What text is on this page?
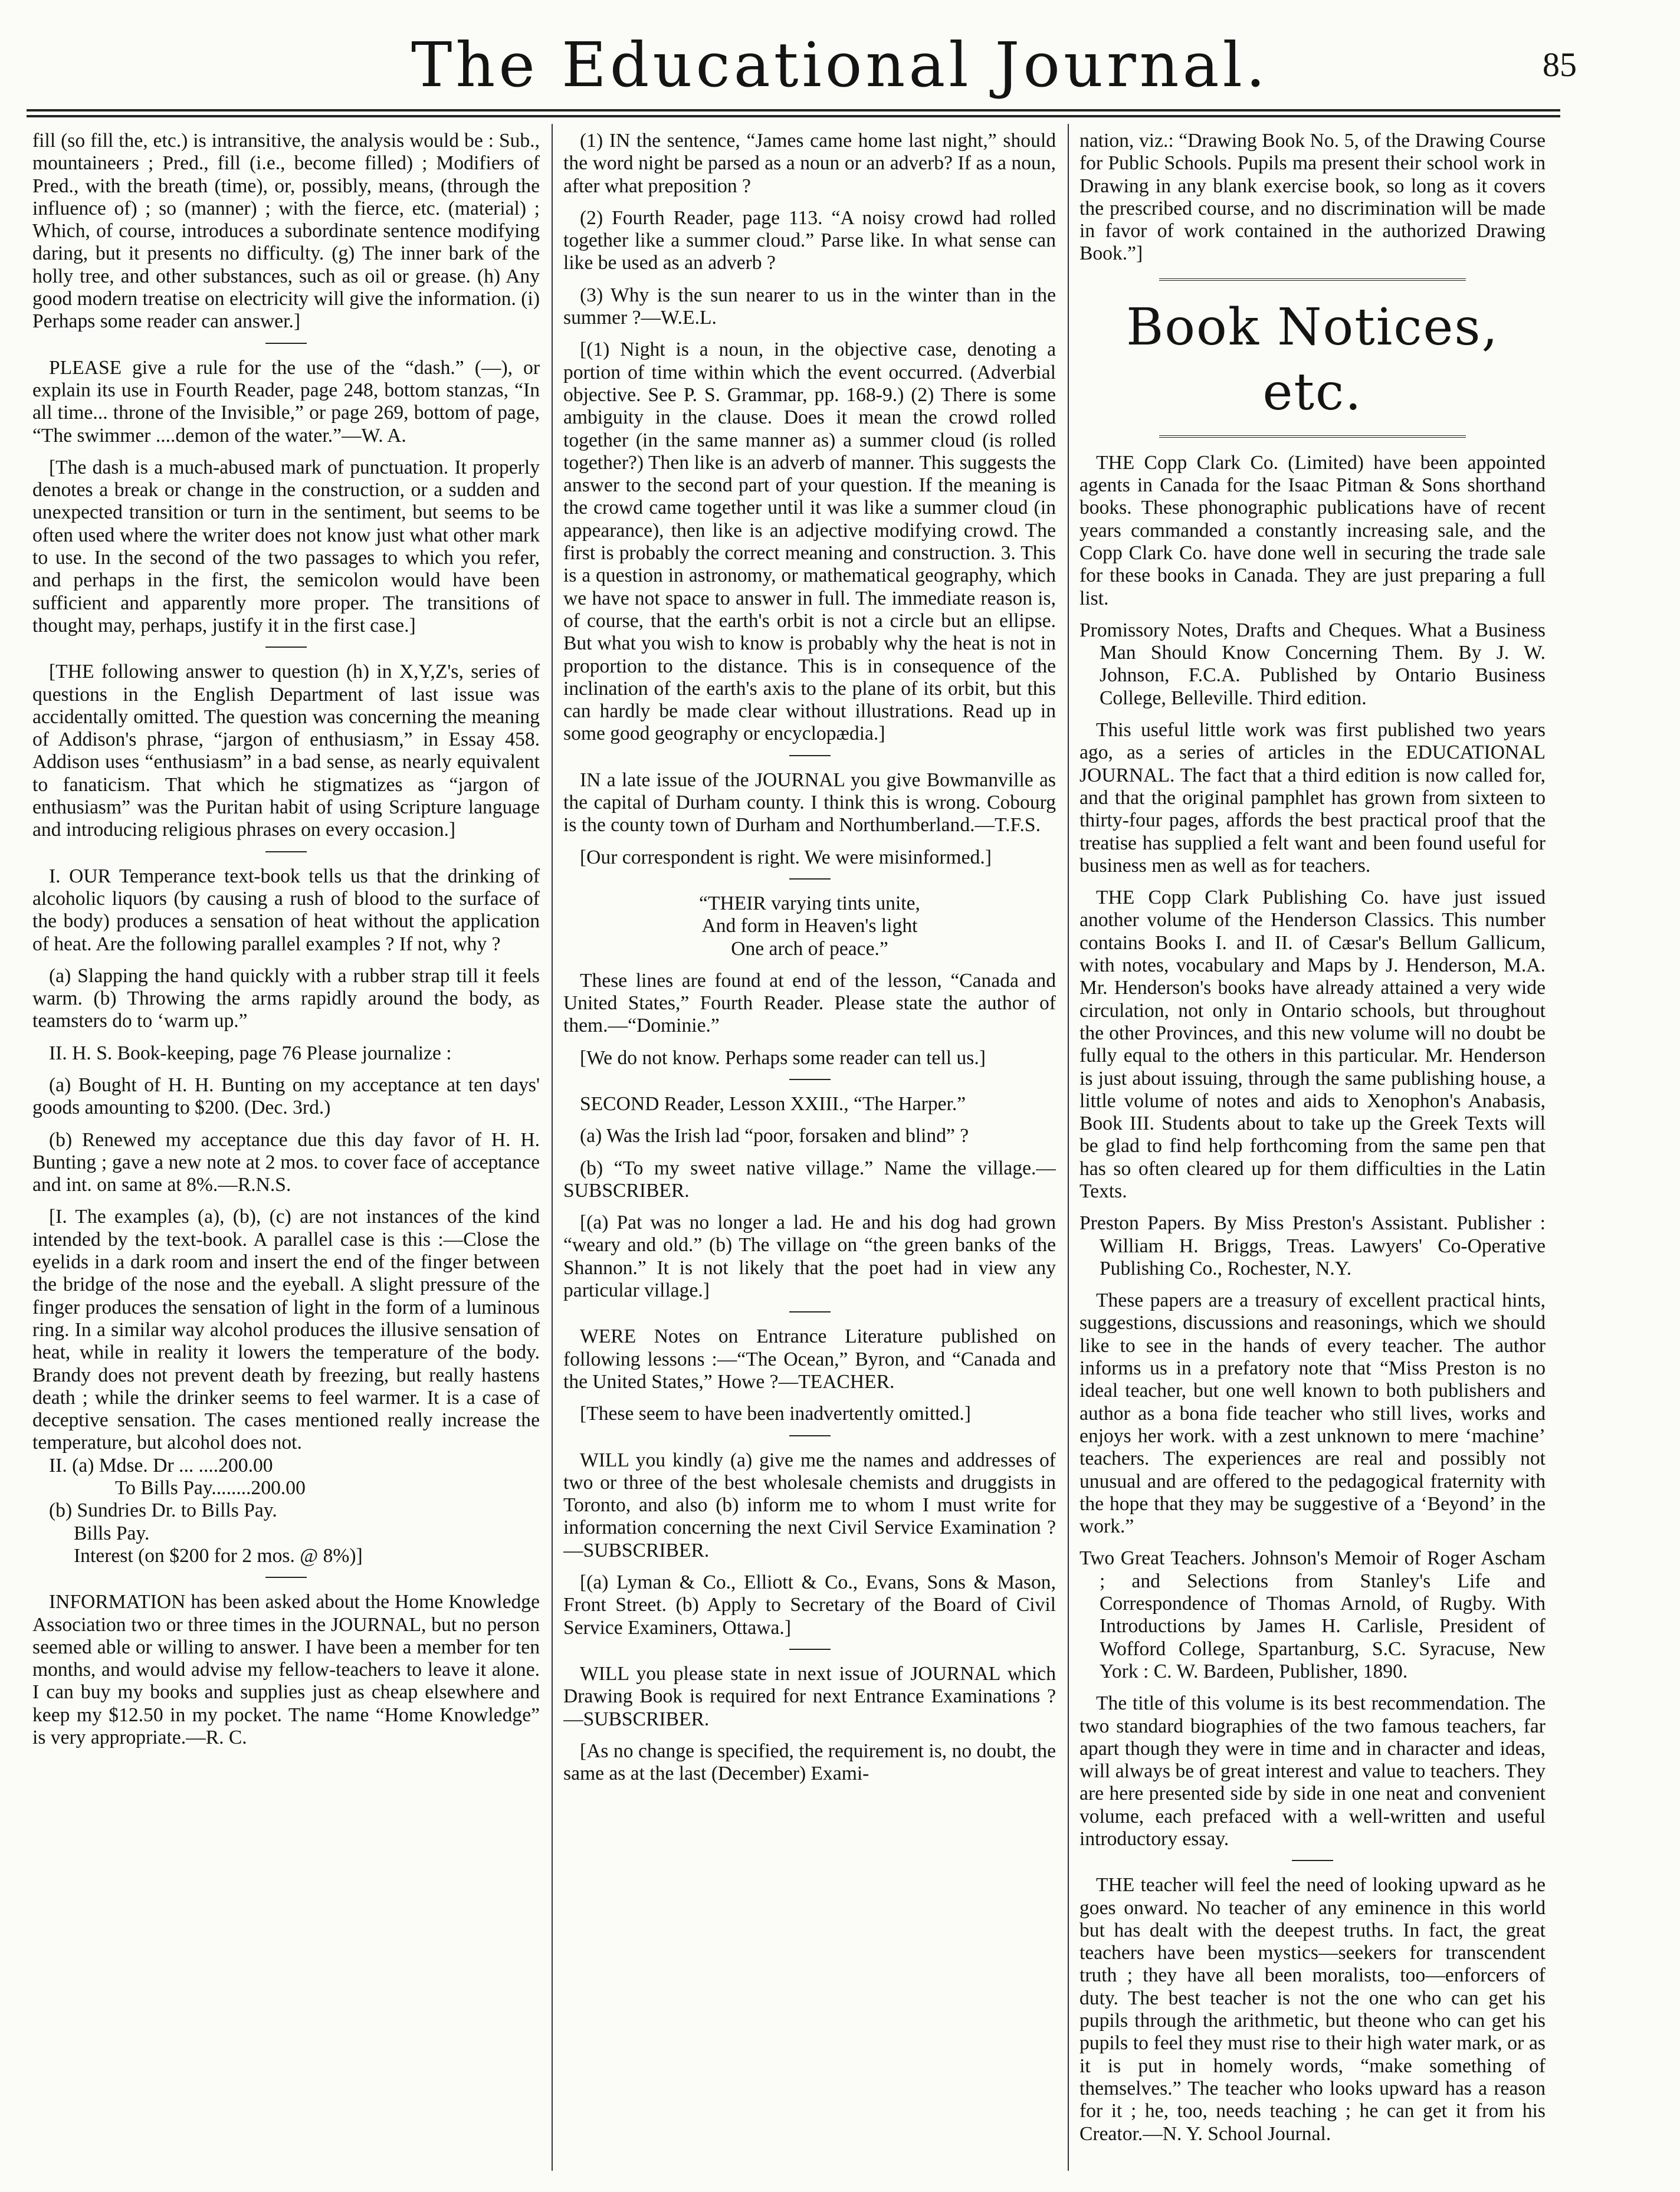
The Educational Journal.	85

fill (so fill the, etc.) is intransitive, the analysis would be : Sub., mountaineers ; Pred., fill (i.e., become filled) ; Modifiers of Pred., with the breath (time), or, possibly, means, (through the influence of) ; so (manner) ; with the fierce, etc. (material) ; Which, of course, introduces a subordinate sentence modifying daring, but it presents no difficulty. (g) The inner bark of the holly tree, and other substances, such as oil or grease. (h) Any good modern treatise on electricity will give the information. (i) Perhaps some reader can answer.]

PLEASE give a rule for the use of the “dash.” (—), or explain its use in Fourth Reader, page 248, bottom stanzas, “In all time... throne of the Invisible,” or page 269, bottom of page, “The swimmer ....demon of the water.”—W. A.

[The dash is a much-abused mark of punctuation. It properly denotes a break or change in the construction, or a sudden and unexpected transition or turn in the sentiment, but seems to be often used where the writer does not know just what other mark to use. In the second of the two passages to which you refer, and perhaps in the first, the semicolon would have been sufficient and apparently more proper. The transitions of thought may, perhaps, justify it in the first case.]

[THE following answer to question (h) in X,Y,Z's, series of questions in the English Department of last issue was accidentally omitted. The question was concerning the meaning of Addison's phrase, “jargon of enthusiasm,” in Essay 458. Addison uses “enthusiasm” in a bad sense, as nearly equivalent to fanaticism. That which he stigmatizes as “jargon of enthusiasm” was the Puritan habit of using Scripture language and introducing religious phrases on every occasion.]

I. OUR Temperance text-book tells us that the drinking of alcoholic liquors (by causing a rush of blood to the surface of the body) produces a sensation of heat without the application of heat. Are the following parallel examples ? If not, why ?

(a) Slapping the hand quickly with a rubber strap till it feels warm. (b) Throwing the arms rapidly around the body, as teamsters do to ‘warm up.”

II. H. S. Book-keeping, page 76 Please journalize :

(a) Bought of H. H. Bunting on my acceptance at ten days' goods amounting to $200. (Dec. 3rd.)

(b) Renewed my acceptance due this day favor of H. H. Bunting ; gave a new note at 2 mos. to cover face of acceptance and int. on same at 8%.—R.N.S.

[I. The examples (a), (b), (c) are not instances of the kind intended by the text-book. A parallel case is this :—Close the eyelids in a dark room and insert the end of the finger between the bridge of the nose and the eyeball. A slight pressure of the finger produces the sensation of light in the form of a luminous ring. In a similar way alcohol produces the illusive sensation of heat, while in reality it lowers the temperature of the body. Brandy does not prevent death by freezing, but really hastens death ; while the drinker seems to feel warmer. It is a case of deceptive sensation. The cases mentioned really increase the temperature, but alcohol does not.

II. (a) Mdse. Dr ... ....200.00

To Bills Pay........200.00

(b) Sundries Dr. to Bills Pay.

Bills Pay.

Interest (on $200 for 2 mos. @ 8%)]

INFORMATION has been asked about the Home Knowledge Association two or three times in the JOURNAL, but no person seemed able or willing to answer. I have been a member for ten months, and would advise my fellow-teachers to leave it alone. I can buy my books and supplies just as cheap elsewhere and keep my $12.50 in my pocket. The name “Home Knowledge” is very appropriate.—R. C.

(1) IN the sentence, “James came home last night,” should the word night be parsed as a noun or an adverb? If as a noun, after what preposition ?

(2) Fourth Reader, page 113. “A noisy crowd had rolled together like a summer cloud.” Parse like. In what sense can like be used as an adverb ?

(3) Why is the sun nearer to us in the winter than in the summer ?—W.E.L.

[(1) Night is a noun, in the objective case, denoting a portion of time within which the event occurred. (Adverbial objective. See P. S. Grammar, pp. 168-9.) (2) There is some ambiguity in the clause. Does it mean the crowd rolled together (in the same manner as) a summer cloud (is rolled together?) Then like is an adverb of manner. This suggests the answer to the second part of your question. If the meaning is the crowd came together until it was like a summer cloud (in appearance), then like is an adjective modifying crowd. The first is probably the correct meaning and construction. 3. This is a question in astronomy, or mathematical geography, which we have not space to answer in full. The immediate reason is, of course, that the earth's orbit is not a circle but an ellipse. But what you wish to know is probably why the heat is not in proportion to the distance. This is in consequence of the inclination of the earth's axis to the plane of its orbit, but this can hardly be made clear without illustrations. Read up in some good geography or encyclopædia.]

IN a late issue of the JOURNAL you give Bowmanville as the capital of Durham county. I think this is wrong. Cobourg is the county town of Durham and Northumberland.—T.F.S.

[Our correspondent is right. We were misinformed.]

“THEIR varying tints unite,

And form in Heaven's light

One arch of peace.”

These lines are found at end of the lesson, “Canada and United States,” Fourth Reader. Please state the author of them.—“Dominie.”

[We do not know. Perhaps some reader can tell us.]

SECOND Reader, Lesson XXIII., “The Harper.”

(a) Was the Irish lad “poor, forsaken and blind” ?

(b) “To my sweet native village.” Name the village.—SUBSCRIBER.

[(a) Pat was no longer a lad. He and his dog had grown “weary and old.” (b) The village on “the green banks of the Shannon.” It is not likely that the poet had in view any particular village.]

WERE Notes on Entrance Literature published on following lessons :—“The Ocean,” Byron, and “Canada and the United States,” Howe ?—TEACHER.

[These seem to have been inadvertently omitted.]

WILL you kindly (a) give me the names and addresses of two or three of the best wholesale chemists and druggists in Toronto, and also (b) inform me to whom I must write for information concerning the next Civil Service Examination ?—SUBSCRIBER.

[(a) Lyman & Co., Elliott & Co., Evans, Sons & Mason, Front Street. (b) Apply to Secretary of the Board of Civil Service Examiners, Ottawa.]

WILL you please state in next issue of JOURNAL which Drawing Book is required for next Entrance Examinations ?—SUBSCRIBER.

[As no change is specified, the requirement is, no doubt, the same as at the last (December) Exami-

nation, viz.: “Drawing Book No. 5, of the Drawing Course for Public Schools. Pupils ma present their school work in Drawing in any blank exercise book, so long as it covers the prescribed course, and no discrimination will be made in favor of work contained in the authorized Drawing Book.”]

Book Notices, etc.

THE Copp Clark Co. (Limited) have been appointed agents in Canada for the Isaac Pitman & Sons shorthand books. These phonographic publications have of recent years commanded a constantly increasing sale, and the Copp Clark Co. have done well in securing the trade sale for these books in Canada. They are just preparing a full list.

Promissory Notes, Drafts and Cheques. What a Business Man Should Know Concerning Them. By J. W. Johnson, F.C.A. Published by Ontario Business College, Belleville. Third edition.

This useful little work was first published two years ago, as a series of articles in the EDUCATIONAL JOURNAL. The fact that a third edition is now called for, and that the original pamphlet has grown from sixteen to thirty-four pages, affords the best practical proof that the treatise has supplied a felt want and been found useful for business men as well as for teachers.

THE Copp Clark Publishing Co. have just issued another volume of the Henderson Classics. This number contains Books I. and II. of Cæsar's Bellum Gallicum, with notes, vocabulary and Maps by J. Henderson, M.A. Mr. Henderson's books have already attained a very wide circulation, not only in Ontario schools, but throughout the other Provinces, and this new volume will no doubt be fully equal to the others in this particular. Mr. Henderson is just about issuing, through the same publishing house, a little volume of notes and aids to Xenophon's Anabasis, Book III. Students about to take up the Greek Texts will be glad to find help forthcoming from the same pen that has so often cleared up for them difficulties in the Latin Texts.

Preston Papers. By Miss Preston's Assistant. Publisher : William H. Briggs, Treas. Lawyers' Co-Operative Publishing Co., Rochester, N.Y.

These papers are a treasury of excellent practical hints, suggestions, discussions and reasonings, which we should like to see in the hands of every teacher. The author informs us in a prefatory note that “Miss Preston is no ideal teacher, but one well known to both publishers and author as a bona fide teacher who still lives, works and enjoys her work. with a zest unknown to mere ‘machine’ teachers. The experiences are real and possibly not unusual and are offered to the pedagogical fraternity with the hope that they may be suggestive of a ‘Beyond’ in the work.”

Two Great Teachers. Johnson's Memoir of Roger Ascham ; and Selections from Stanley's Life and Correspondence of Thomas Arnold, of Rugby. With Introductions by James H. Carlisle, President of Wofford College, Spartanburg, S.C. Syracuse, New York : C. W. Bardeen, Publisher, 1890.

The title of this volume is its best recommendation. The two standard biographies of the two famous teachers, far apart though they were in time and in character and ideas, will always be of great interest and value to teachers. They are here presented side by side in one neat and convenient volume, each prefaced with a well-written and useful introductory essay.

THE teacher will feel the need of looking upward as he goes onward. No teacher of any eminence in this world but has dealt with the deepest truths. In fact, the great teachers have been mystics—seekers for transcendent truth ; they have all been moralists, too—enforcers of duty. The best teacher is not the one who can get his pupils through the arithmetic, but theone who can get his pupils to feel they must rise to their high water mark, or as it is put in homely words, “make something of themselves.” The teacher who looks upward has a reason for it ; he, too, needs teaching ; he can get it from his Creator.—N. Y. School Journal.
